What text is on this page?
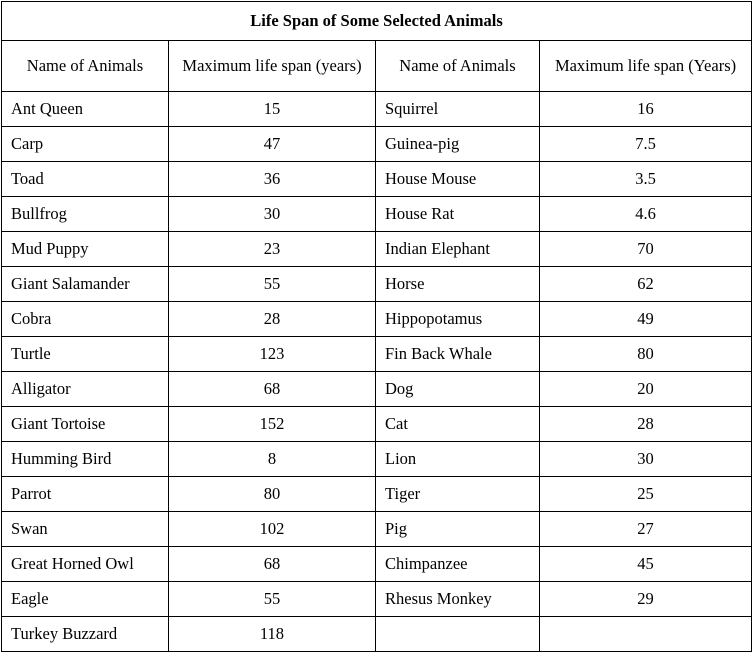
Life Span of Some Selected Animals			
Name of Animals	Maximum life span (years)	Name of Animals	Maximum life span (Years)
Ant Queen	15	Squirrel	16
Carp	47	Guinea-pig	7.5
Toad	36	House Mouse	3.5
Bullfrog	30	House Rat	4.6
Mud Puppy	23	Indian Elephant	70
Giant Salamander	55	Horse	62
Cobra	28	Hippopotamus	49
Turtle	123	Fin Back Whale	80
Alligator	68	Dog	20
Giant Tortoise	152	Cat	28
Humming Bird	8	Lion	30
Parrot	80	Tiger	25
Swan	102	Pig	27
Great Horned Owl	68	Chimpanzee	45
Eagle	55	Rhesus Monkey	29
Turkey Buzzard	118		
